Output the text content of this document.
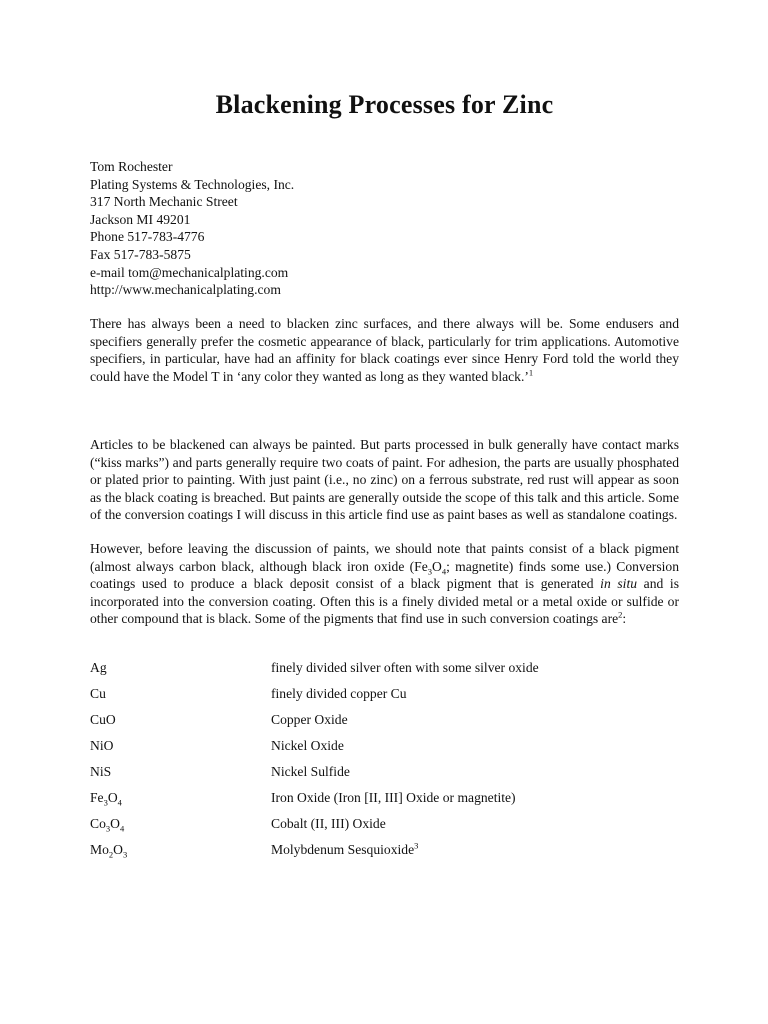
Blackening Processes for Zinc
Tom Rochester
Plating Systems & Technologies, Inc.
317 North Mechanic Street
Jackson MI 49201
Phone 517-783-4776
Fax 517-783-5875
e-mail tom@mechanicalplating.com
http://www.mechanicalplating.com

There has always been a need to blacken zinc surfaces, and there always will be. Some endusers and specifiers generally prefer the cosmetic appearance of black, particularly for trim applications. Automotive specifiers, in particular, have had an affinity for black coatings ever since Henry Ford told the world they could have the Model T in ‘any color they wanted as long as they wanted black.’$^1$

Articles to be blackened can always be painted. But parts processed in bulk generally have contact marks (“kiss marks”) and parts generally require two coats of paint. For adhesion, the parts are usually phosphated or plated prior to painting. With just paint (i.e., no zinc) on a ferrous substrate, red rust will appear as soon as the black coating is breached. But paints are generally outside the scope of this talk and this article. Some of the conversion coatings I will discuss in this article find use as paint bases as well as standalone coatings.

However, before leaving the discussion of paints, we should note that paints consist of a black pigment (almost always carbon black, although black iron oxide ($Fe_3O_4$; magnetite) finds some use.) Conversion coatings used to produce a black deposit consist of a black pigment that is generated in situ and is incorporated into the conversion coating. Often this is a finely divided metal or a metal oxide or sulfide or other compound that is black. Some of the pigments that find use in such conversion coatings are$^2$:

Ag	finely divided silver often with some silver oxide
Cu	finely divided copper Cu
CuO	Copper Oxide
NiO	Nickel Oxide
NiS	Nickel Sulfide
$Fe_3O_4$	Iron Oxide (Iron [II, III] Oxide or magnetite)
$Co_3O_4$	Cobalt (II, III) Oxide
$Mo_2O_3$	Molybdenum Sesquioxide$^3$
